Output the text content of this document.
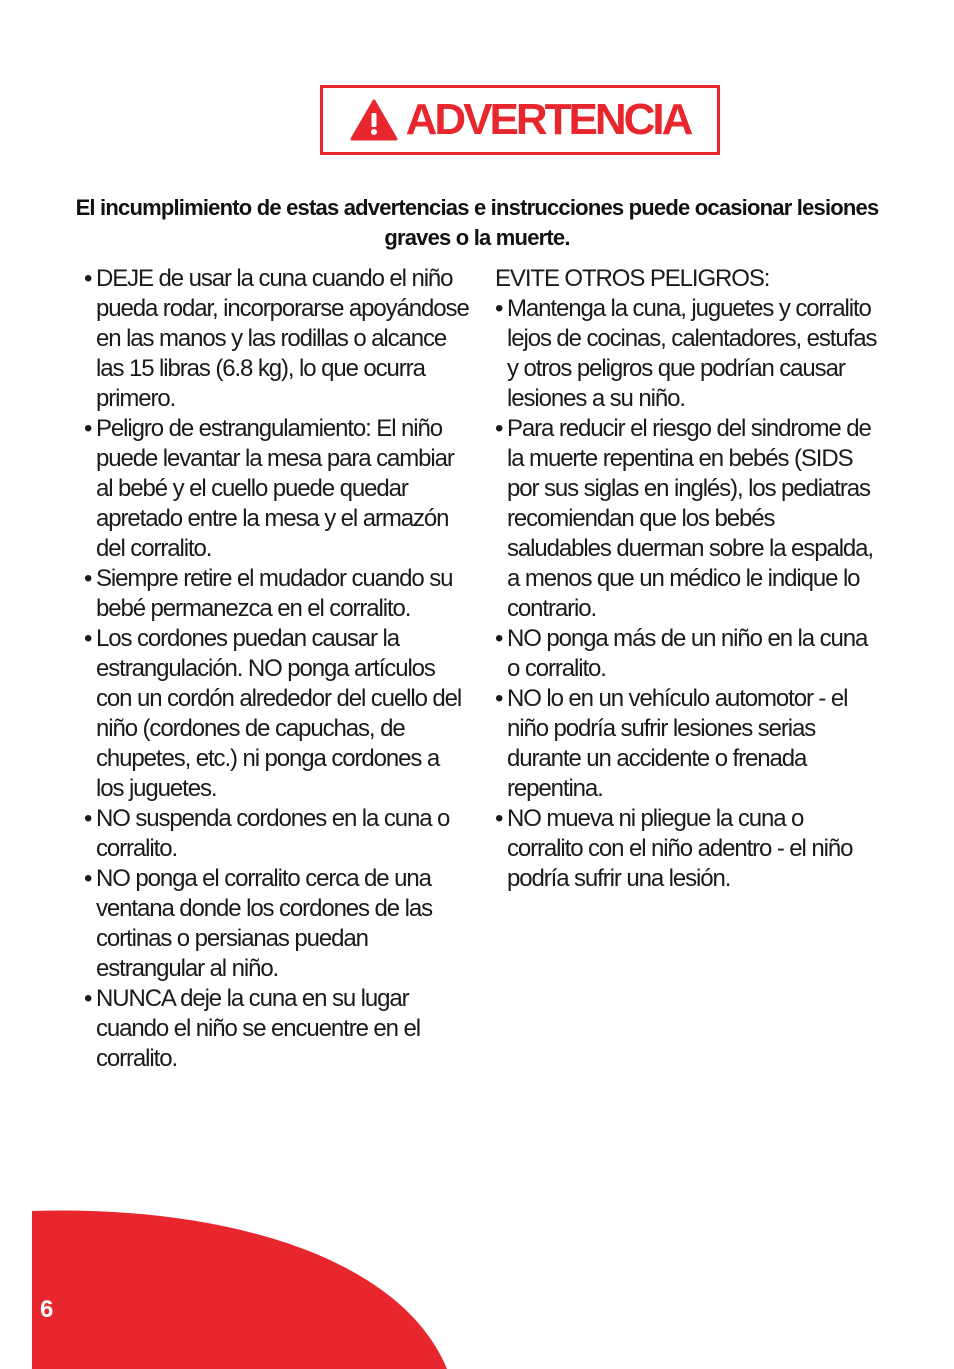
ADVERTENCIA
El incumplimiento de estas advertencias e instrucciones puede ocasionar lesiones graves o la muerte.
• DEJE de usar la cuna cuando el niño pueda rodar, incorporarse apoyándose en las manos y las rodillas o alcance las 15 libras (6.8 kg), lo que ocurra primero.
• Peligro de estrangulamiento: El niño puede levantar la mesa para cambiar al bebé y el cuello puede quedar apretado entre la mesa y el armazón del corralito.
• Siempre retire el mudador cuando su bebé permanezca en el corralito.
• Los cordones puedan causar la estrangulación. NO ponga artículos con un cordón alrededor del cuello del niño (cordones de capuchas, de chupetes, etc.) ni ponga cordones a los juguetes.
• NO suspenda cordones en la cuna o corralito.
• NO ponga el corralito cerca de una ventana donde los cordones de las cortinas o persianas puedan estrangular al niño.
• NUNCA deje la cuna en su lugar cuando el niño se encuentre en el corralito.

EVITE OTROS PELIGROS:

• Mantenga la cuna, juguetes y corralito lejos de cocinas, calentadores, estufas y otros peligros que podrían causar lesiones a su niño.
• Para reducir el riesgo del sindrome de la muerte repentina en bebés (SIDS por sus siglas en inglés), los pediatras recomiendan que los bebés saludables duerman sobre la espalda, a menos que un médico le indique lo contrario.
• NO ponga más de un niño en la cuna o corralito.
• NO lo en un vehículo automotor - el niño podría sufrir lesiones serias durante un accidente o frenada repentina.
• NO mueva ni pliegue la cuna o corralito con el niño adentro - el niño podría sufrir una lesión.
6
